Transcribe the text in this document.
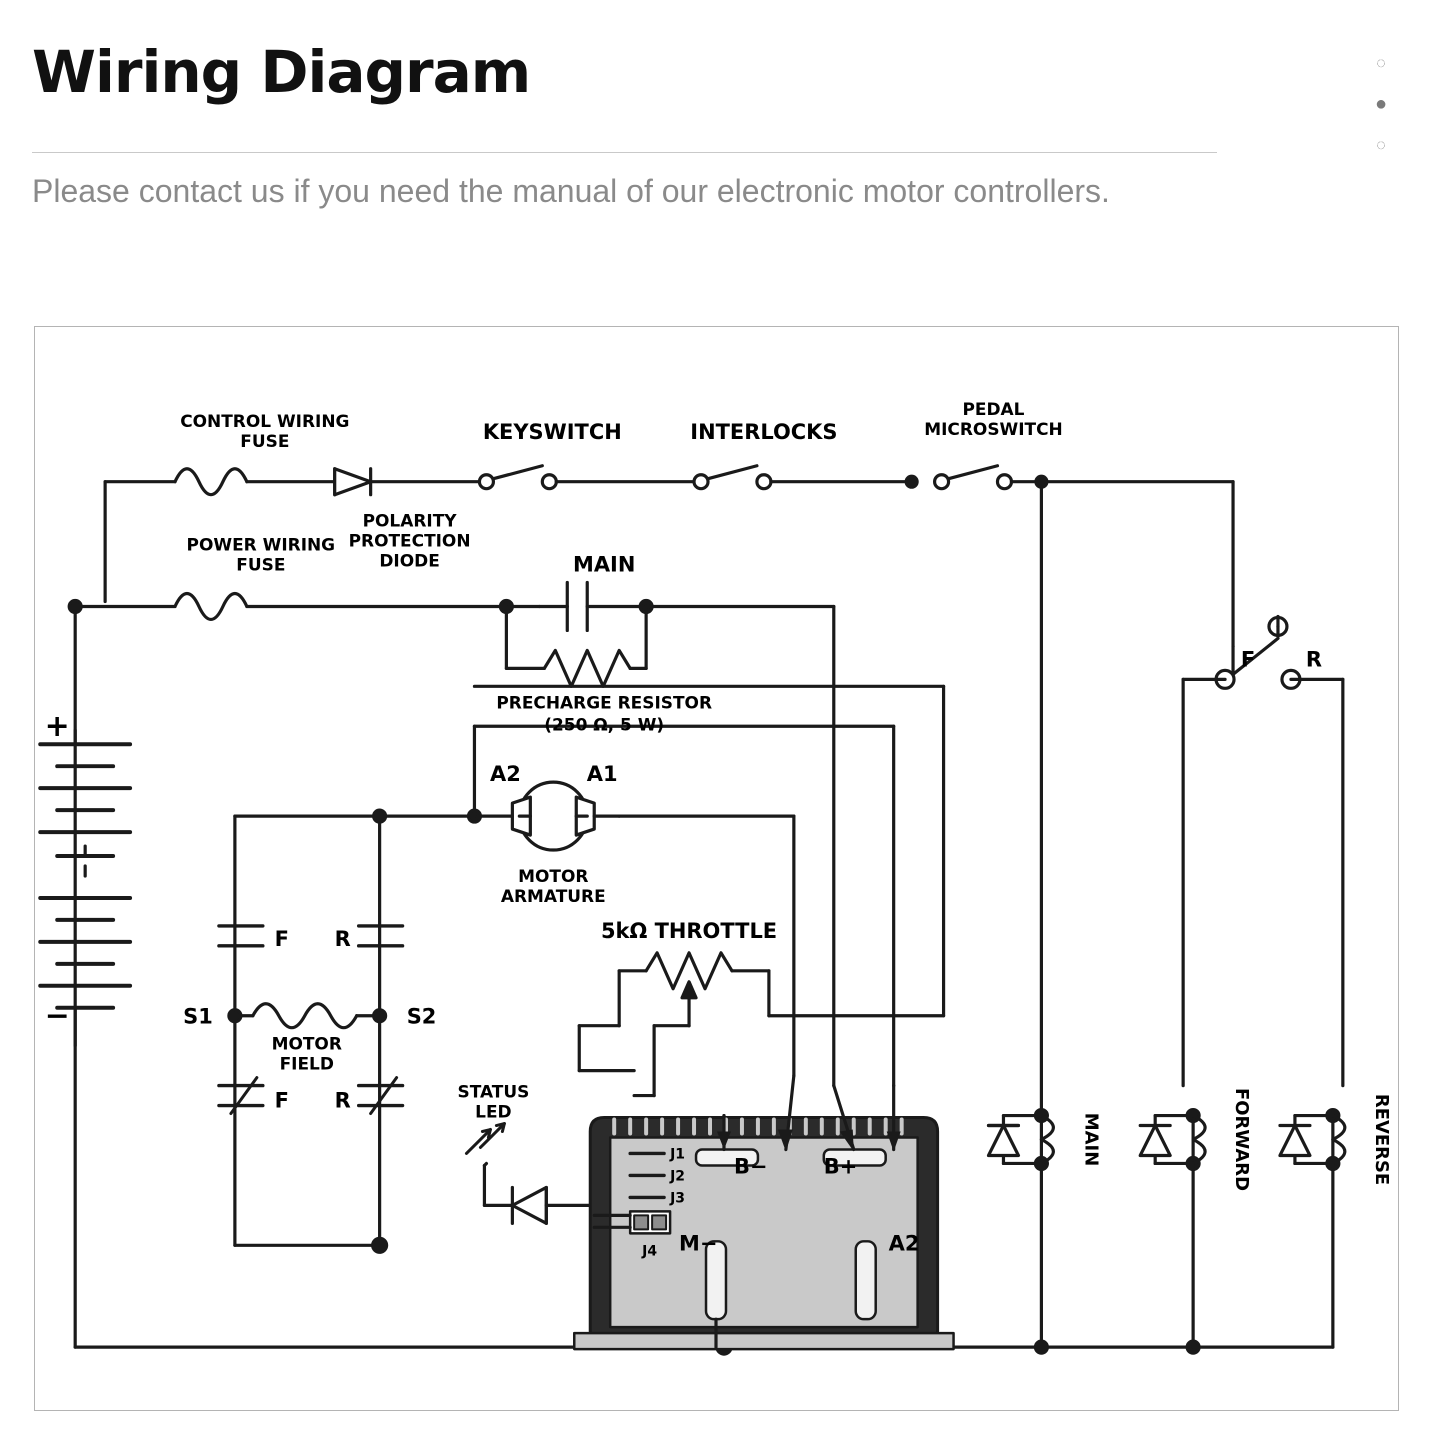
Wiring Diagram
Please contact us if you need the manual of our electronic motor controllers.
◌
●
◌
CONTROL WIRING
FUSE
POLARITY
PROTECTION
DIODE
KEYSWITCH	INTERLOCKS
PEDAL
MICROSWITCH
POWER WIRING
FUSE	MAIN
PRECHARGE RESISTOR
(250 Ω, 5 W)
+
−
A2	A1
MOTOR
ARMATURE
5kΩ THROTTLE
F R
F R
S1	S2
MOTOR
FIELD
STATUS
LED
F R
J1
J2
J3
J4
B−	B+
M−	A2
MAIN	FORWARD	REVERSE
